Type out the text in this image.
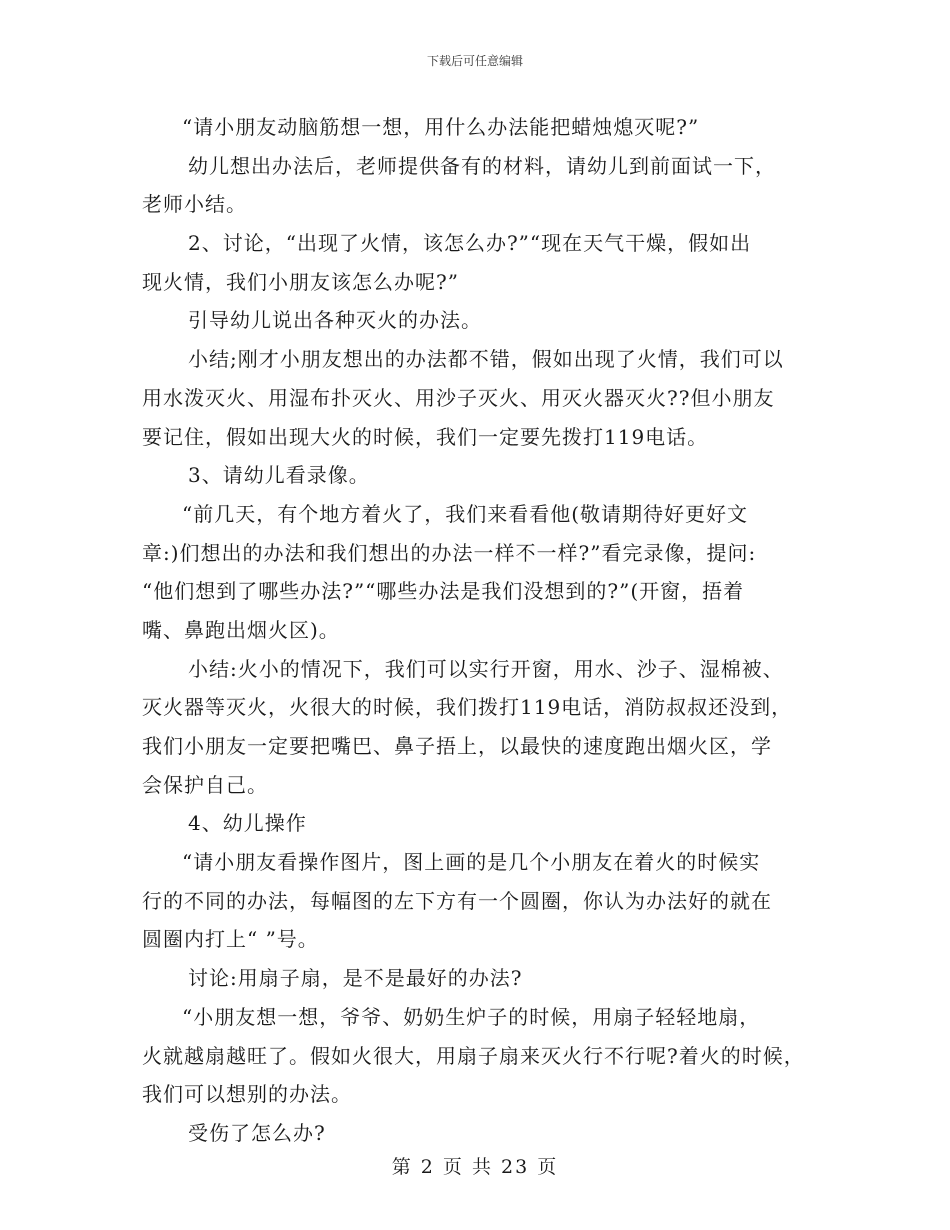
下载后可任意编辑
“请小朋友动脑筋想一想，用什么办法能把蜡烛熄灭呢?”
幼儿想出办法后，老师提供备有的材料，请幼儿到前面试一下，
老师小结。
2、讨论，“出现了火情，该怎么办?”“现在天气干燥，假如出
现火情，我们小朋友该怎么办呢?”
引导幼儿说出各种灭火的办法。
小结;刚才小朋友想出的办法都不错，假如出现了火情，我们可以
用水泼灭火、用湿布扑灭火、用沙子灭火、用灭火器灭火??但小朋友
要记住，假如出现大火的时候，我们一定要先拨打119电话。
3、请幼儿看录像。
“前几天，有个地方着火了，我们来看看他(敬请期待好更好文
章:)们想出的办法和我们想出的办法一样不一样?”看完录像，提问:
“他们想到了哪些办法?”“哪些办法是我们没想到的?”(开窗，捂着
嘴、鼻跑出烟火区)。
小结:火小的情况下，我们可以实行开窗，用水、沙子、湿棉被、
灭火器等灭火，火很大的时候，我们拨打119电话，消防叔叔还没到，
我们小朋友一定要把嘴巴、鼻子捂上，以最快的速度跑出烟火区，学
会保护自己。
4、幼儿操作
“请小朋友看操作图片，图上画的是几个小朋友在着火的时候实
行的不同的办法，每幅图的左下方有一个圆圈，你认为办法好的就在
圆圈内打上“ ”号。
讨论:用扇子扇，是不是最好的办法?
“小朋友想一想，爷爷、奶奶生炉子的时候，用扇子轻轻地扇，
火就越扇越旺了。假如火很大，用扇子扇来灭火行不行呢?着火的时候，
我们可以想别的办法。
受伤了怎么办?
第 2 页 共 23 页
